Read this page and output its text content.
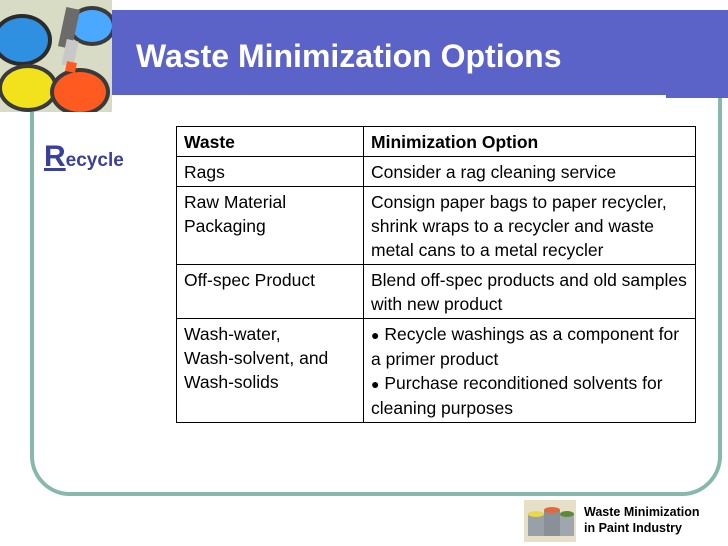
Waste Minimization Options
Recycle
Waste	Minimization Option

Rags	Consider a rag cleaning service

Raw Material Packaging	Consign paper bags to paper recycler, shrink wraps to a recycler and waste metal cans to a metal recycler

Off-spec Product	Blend off-spec products and old samples with new product

Wash-water,
Wash-solvent, and Wash-solids	● Recycle washings as a component for a primer product
● Purchase reconditioned solvents for cleaning purposes
Waste Minimization
in Paint Industry
